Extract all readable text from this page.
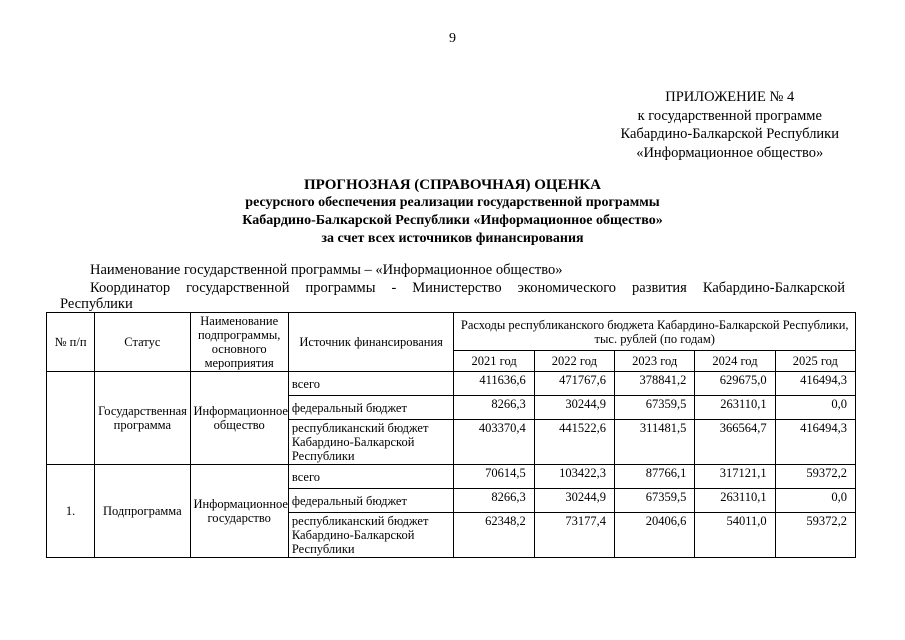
9
ПРИЛОЖЕНИЕ № 4
к государственной программе
Кабардино-Балкарской Республики
«Информационное общество»
ПРОГНОЗНАЯ (СПРАВОЧНАЯ) ОЦЕНКА
ресурсного обеспечения реализации государственной программы
Кабардино-Балкарской Республики «Информационное общество»
за счет всех источников финансирования
Наименование государственной программы – «Информационное общество»
Координатор государственной программы - Министерство экономического развития Кабардино-Балкарской
Республики
№ п/п	Статус	Наименование подпрограммы, основного мероприятия	Источник финансирования	Расходы республиканского бюджета Кабардино-Балкарской Республики, тыс. рублей (по годам)				
				2021 год	2022 год	2023 год	2024 год	2025 год
	Государственная программа	Информационное общество	всего	411636,6	471767,6	378841,2	629675,0	416494,3
			федеральный бюджет	8266,3	30244,9	67359,5	263110,1	0,0
			республиканский бюджет Кабардино-Балкарской Республики	403370,4	441522,6	311481,5	366564,7	416494,3
1.	Подпрограмма	Информационное государство	всего	70614,5	103422,3	87766,1	317121,1	59372,2
			федеральный бюджет	8266,3	30244,9	67359,5	263110,1	0,0
			республиканский бюджет Кабардино-Балкарской Республики	62348,2	73177,4	20406,6	54011,0	59372,2
